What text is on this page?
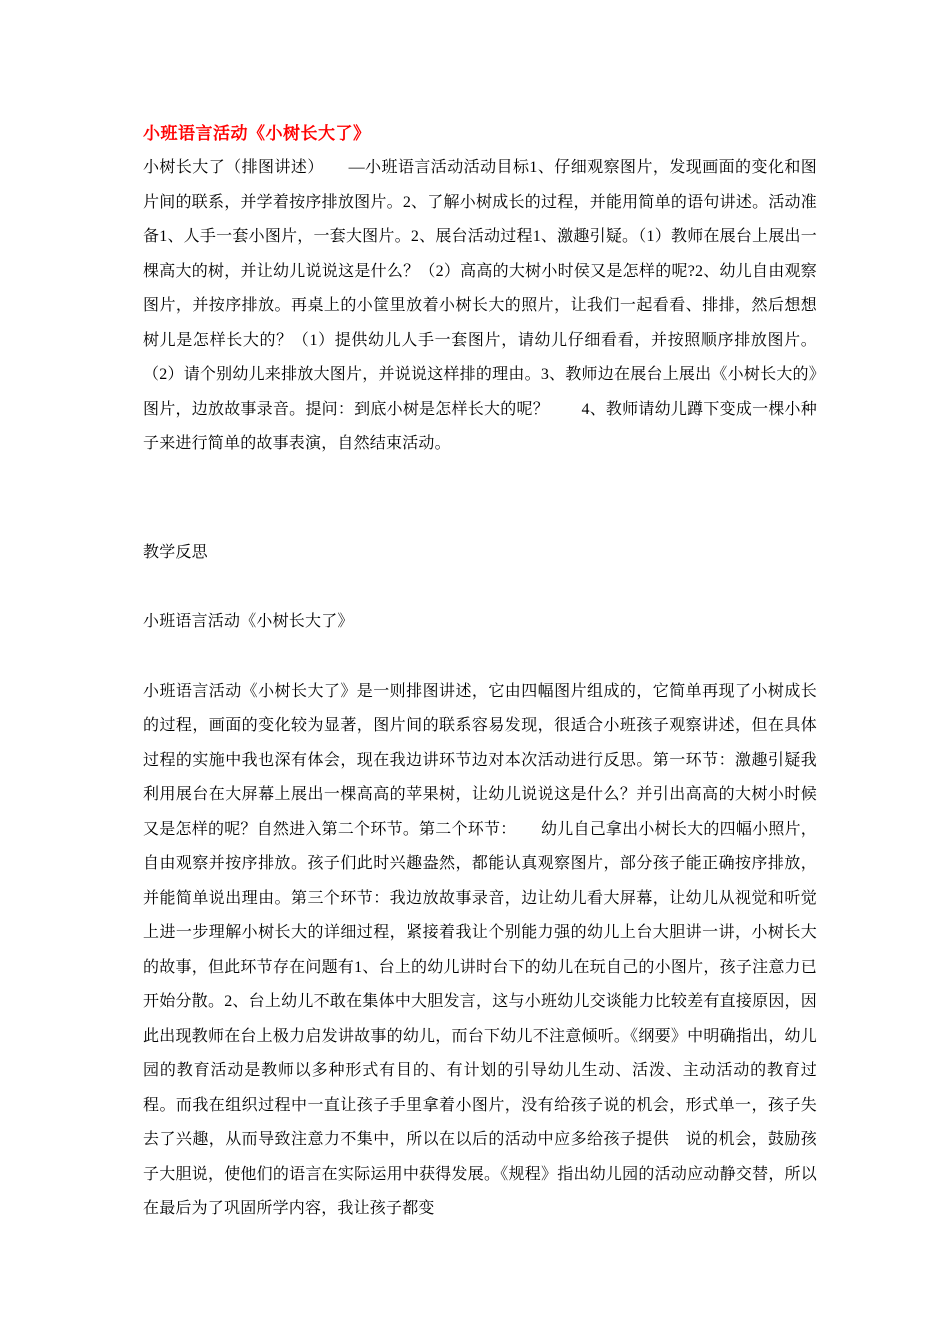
小班语言活动《小树长大了》

小树长大了（排图讲述）　　—小班语言活动活动目标1、仔细观察图片，发现画面的变化和图片间的联系，并学着按序排放图片。2、了解小树成长的过程，并能用简单的语句讲述。活动准备1、人手一套小图片，一套大图片。2、展台活动过程1、激趣引疑。（1）教师在展台上展出一棵高大的树，并让幼儿说说这是什么？（2）高高的大树小时侯又是怎样的呢?2、幼儿自由观察图片，并按序排放。再桌上的小筐里放着小树长大的照片，让我们一起看看、排排，然后想想树儿是怎样长大的？（1）提供幼儿人手一套图片，请幼儿仔细看看，并按照顺序排放图片。（2）请个别幼儿来排放大图片，并说说这样排的理由。3、教师边在展台上展出《小树长大的》图片，边放故事录音。提问：到底小树是怎样长大的呢？　　4、教师请幼儿蹲下变成一棵小种子来进行简单的故事表演，自然结束活动。

教学反思

小班语言活动《小树长大了》

小班语言活动《小树长大了》是一则排图讲述，它由四幅图片组成的，它简单再现了小树成长的过程，画面的变化较为显著，图片间的联系容易发现，很适合小班孩子观察讲述，但在具体过程的实施中我也深有体会，现在我边讲环节边对本次活动进行反思。第一环节：激趣引疑我利用展台在大屏幕上展出一棵高高的苹果树，让幼儿说说这是什么？并引出高高的大树小时候又是怎样的呢？自然进入第二个环节。第二个环节：　　幼儿自己拿出小树长大的四幅小照片，自由观察并按序排放。孩子们此时兴趣盎然，都能认真观察图片，部分孩子能正确按序排放，并能简单说出理由。第三个环节：我边放故事录音，边让幼儿看大屏幕，让幼儿从视觉和听觉上进一步理解小树长大的详细过程，紧接着我让个别能力强的幼儿上台大胆讲一讲，小树长大的故事，但此环节存在问题有1、台上的幼儿讲时台下的幼儿在玩自己的小图片，孩子注意力已开始分散。2、台上幼儿不敢在集体中大胆发言，这与小班幼儿交谈能力比较差有直接原因，因此出现教师在台上极力启发讲故事的幼儿，而台下幼儿不注意倾听。《纲要》中明确指出，幼儿园的教育活动是教师以多种形式有目的、有计划的引导幼儿生动、活泼、主动活动的教育过程。而我在组织过程中一直让孩子手里拿着小图片，没有给孩子说的机会，形式单一，孩子失去了兴趣，从而导致注意力不集中，所以在以后的活动中应多给孩子提供　说的机会，鼓励孩子大胆说，使他们的语言在实际运用中获得发展。《规程》指出幼儿园的活动应动静交替，所以在最后为了巩固所学内容，我让孩子都变
